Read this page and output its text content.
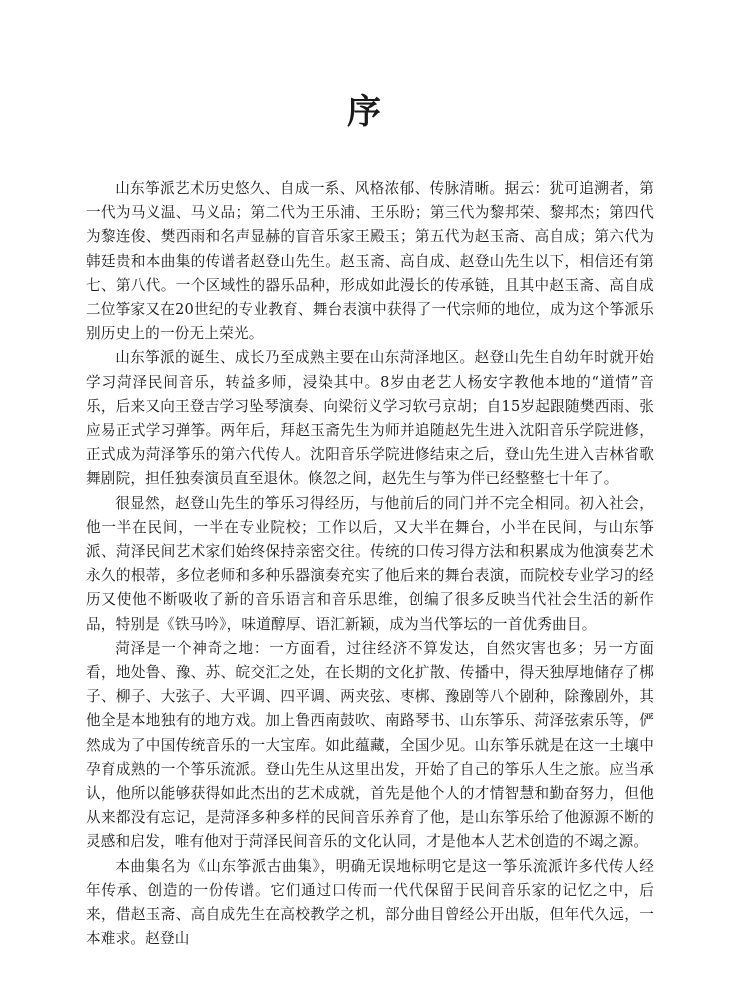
序

山东筝派艺术历史悠久、自成一系、风格浓郁、传脉清晰。据云：犹可追溯者，第一代为马义温、马义品；第二代为王乐浦、王乐盼；第三代为黎邦荣、黎邦杰；第四代为黎连俊、樊西雨和名声显赫的盲音乐家王殿玉；第五代为赵玉斋、高自成；第六代为韩廷贵和本曲集的传谱者赵登山先生。赵玉斋、高自成、赵登山先生以下，相信还有第七、第八代。一个区域性的器乐品种，形成如此漫长的传承链，且其中赵玉斋、高自成二位筝家又在20世纪的专业教育、舞台表演中获得了一代宗师的地位，成为这个筝派乐别历史上的一份无上荣光。

山东筝派的诞生、成长乃至成熟主要在山东菏泽地区。赵登山先生自幼年时就开始学习菏泽民间音乐，转益多师，浸染其中。8岁由老艺人杨安字教他本地的“道情”音乐，后来又向王登吉学习坠琴演奏、向梁衍义学习软弓京胡；自15岁起跟随樊西雨、张应易正式学习弹筝。两年后，拜赵玉斋先生为师并追随赵先生进入沈阳音乐学院进修，正式成为菏泽筝乐的第六代传人。沈阳音乐学院进修结束之后，登山先生进入吉林省歌舞剧院，担任独奏演员直至退休。倏忽之间，赵先生与筝为伴已经整整七十年了。

很显然，赵登山先生的筝乐习得经历，与他前后的同门并不完全相同。初入社会，他一半在民间，一半在专业院校；工作以后，又大半在舞台，小半在民间，与山东筝派、菏泽民间艺术家们始终保持亲密交往。传统的口传习得方法和积累成为他演奏艺术永久的根蒂，多位老师和多种乐器演奏充实了他后来的舞台表演，而院校专业学习的经历又使他不断吸收了新的音乐语言和音乐思维，创编了很多反映当代社会生活的新作品，特别是《铁马吟》，味道醇厚、语汇新颖，成为当代筝坛的一首优秀曲目。

菏泽是一个神奇之地：一方面看，过往经济不算发达，自然灾害也多；另一方面看，地处鲁、豫、苏、皖交汇之处，在长期的文化扩散、传播中，得天独厚地储存了梆子、柳子、大弦子、大平调、四平调、两夹弦、枣梆、豫剧等八个剧种，除豫剧外，其他全是本地独有的地方戏。加上鲁西南鼓吹、南路琴书、山东筝乐、菏泽弦索乐等，俨然成为了中国传统音乐的一大宝库。如此蕴藏，全国少见。山东筝乐就是在这一土壤中孕育成熟的一个筝乐流派。登山先生从这里出发，开始了自己的筝乐人生之旅。应当承认，他所以能够获得如此杰出的艺术成就，首先是他个人的才情智慧和勤奋努力，但他从来都没有忘记，是菏泽多种多样的民间音乐养育了他，是山东筝乐给了他源源不断的灵感和启发，唯有他对于菏泽民间音乐的文化认同，才是他本人艺术创造的不竭之源。

本曲集名为《山东筝派古曲集》，明确无误地标明它是这一筝乐流派许多代传人经年传承、创造的一份传谱。它们通过口传而一代代保留于民间音乐家的记忆之中，后来，借赵玉斋、高自成先生在高校教学之机，部分曲目曾经公开出版，但年代久远，一本难求。赵登山
